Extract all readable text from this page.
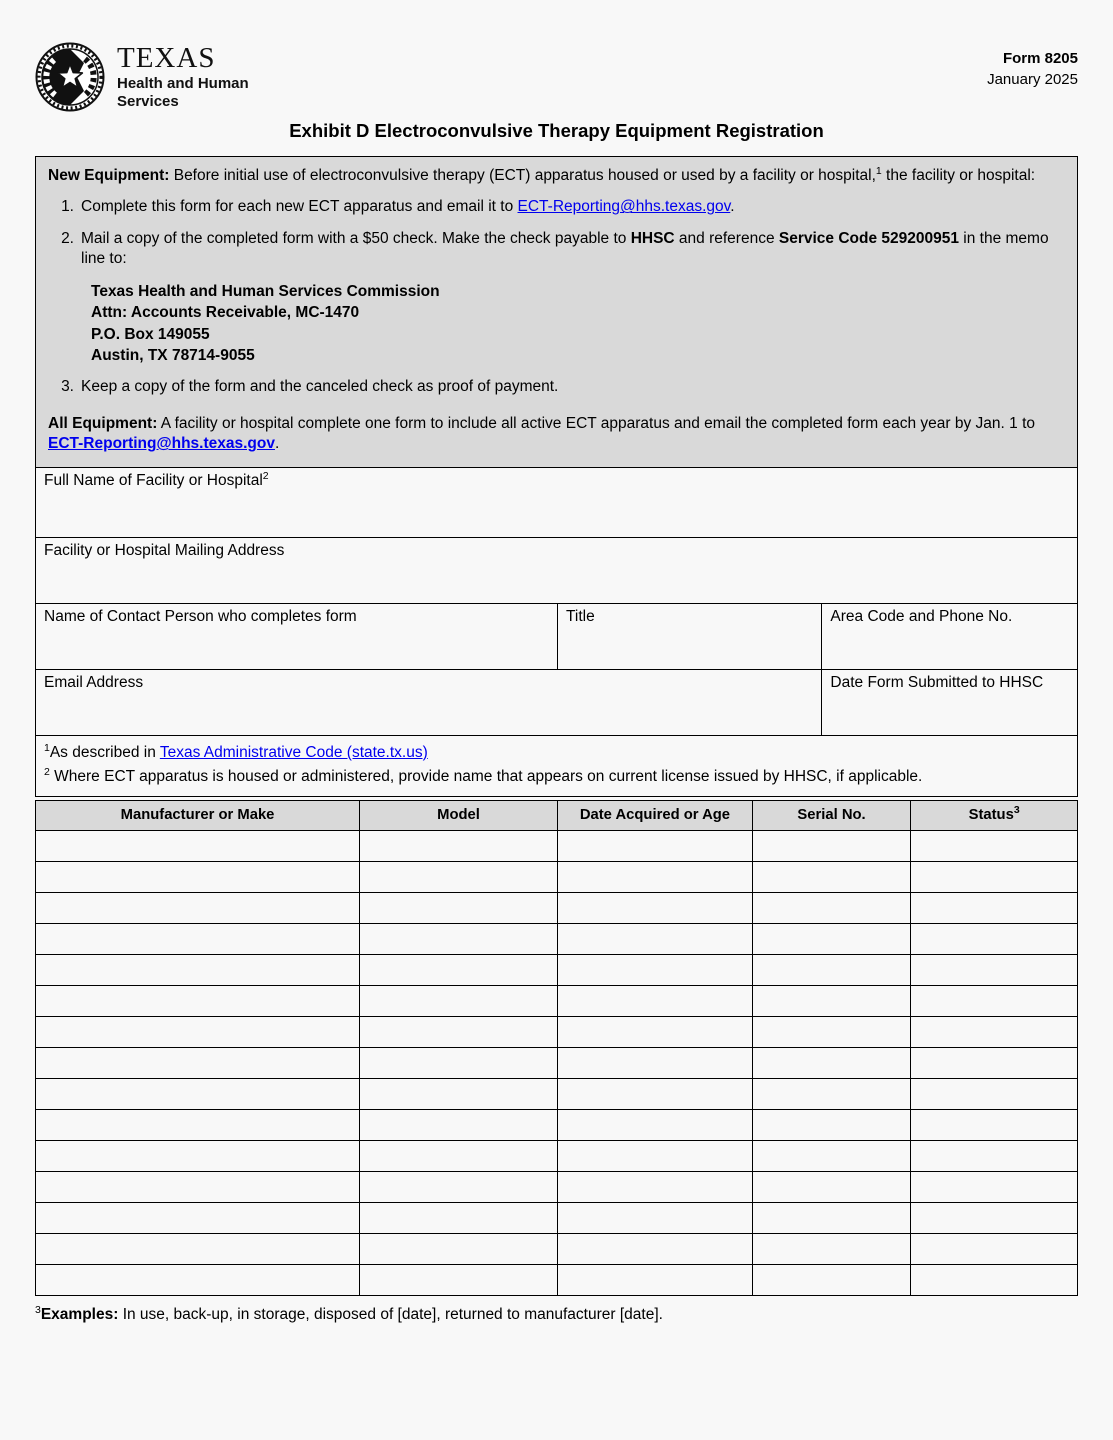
TEXAS
Health and Human
Services
Form 8205
January 2025
Exhibit D Electroconvulsive Therapy Equipment Registration

New Equipment: Before initial use of electroconvulsive therapy (ECT) apparatus housed or used by a facility or hospital,$^1$ the facility or hospital:

1. Complete this form for each new ECT apparatus and email it to ECT-Reporting@hhs.texas.gov.
2. Mail a copy of the completed form with a $50 check. Make the check payable to HHSC and reference Service Code 529200951 in the memo line to:
Texas Health and Human Services Commission
Attn: Accounts Receivable, MC-1470
P.O. Box 149055
Austin, TX 78714-9055
3. Keep a copy of the form and the canceled check as proof of payment.

All Equipment: A facility or hospital complete one form to include all active ECT apparatus and email the completed form each year by Jan. 1 to ECT-Reporting@hhs.texas.gov.

Full Name of Facility or Hospital$^2$
Facility or Hospital Mailing Address
Name of Contact Person who completes form	Title	Area Code and Phone No.
Email Address	Date Form Submitted to HHSC
$^1$As described in Texas Administrative Code (state.tx.us)
$^2$ Where ECT apparatus is housed or administered, provide name that appears on current license issued by HHSC, if applicable.
Manufacturer or Make	Model	Date Acquired or Age	Serial No.	Status$^3$

$^3$Examples: In use, back-up, in storage, disposed of [date], returned to manufacturer [date].
